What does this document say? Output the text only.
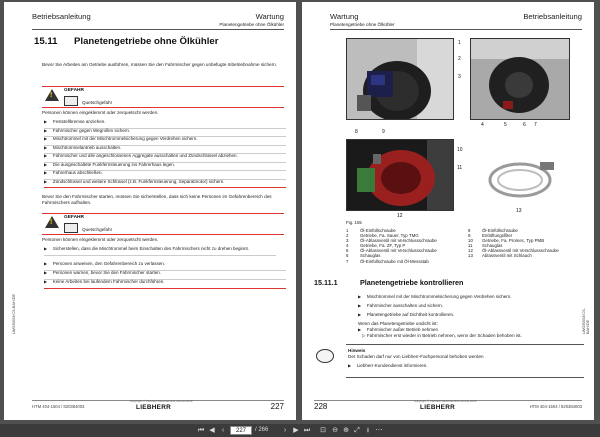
Betriebsanleitung	Wartung
Planetengetriebe ohne Ölkühler
15.11 Planetengetriebe ohne Ölkühler
Bevor Sie Arbeiten am Getriebe ausführen, müssen Sie den Fahrmischer gegen unbefugte Inbetriebnahme sichern.
!
GEFAHR
Quetschgefahr
Personen können eingeklemmt oder zerquetscht werden.
▶ Feststellbremse anziehen.
▶ Fahrmischer gegen Wegrollen sichern.
▶ Mischtrommel mit der Mischtrommelsicherung gegen Verdrehen sichern.
▶ Mischtrommelantrieb ausschalten.
▶ Fahrmischer und alle angeschlossenen Aggregate ausschalten und Zündschlüssel abziehen.
▶ Die ausgeschaltete Funkfernsteuerung ins Fahrerhaus legen.
▶ Fahrerhaus abschließen.
▶ Zündschlüssel und weitere Schlüssel (z.B. Funkfernsteuerung, Separatmotor) sichern.
Bevor Sie den Fahrmischer starten, müssen Sie sicherstellen, dass sich keine Personen im Gefahrenbereich des Fahrmischers aufhalten.
!
GEFAHR
Quetschgefahr
Personen können eingeklemmt oder zerquetscht werden.
▶ Sicherstellen, dass die Mischtrommel beim Einschalten des Fahrmischers nicht zu drehen beginnt.
▶ Personen anweisen, den Gefahrenbereich zu verlassen.
▶ Personen warnen, bevor Sie den Fahrmischer starten.
▶ Keine Arbeiten bei laufendem Fahrmischer durchführen.
LWG/B003/CS-BAH/DE
HTM 404-1504 / 820384003
copyright © Liebherr-Mischtechnik GmbH 2018
LIEBHERR	227
Wartung	Betriebsanleitung
Planetengetriebe ohne Ölkühler
1
2
3
4	5	6 7
8	9
10
11
12
13
Fig. 155
1	Öl-Einfüllschraube
2	Getriebe, Fa. Sauer, Typ TMG
3	Öl-Ablassventil mit Verschlussschraube
4	Getriebe, Fa. ZF, Typ P
5	Öl-Ablassventil mit Verschlussschraube
6	Schauglas
7	Öl-Einfüllschraube mit Öl-Messstab
8	Öl-Einfüllschraube
9	Entlüftungsfilter
10 Getriebe, Fa. Promec, Typ PMB
11 Schauglas
12 Öl-Ablassventil mit Verschlussschraube
13 Ablassventil mit Schlauch
15.11.1	Planetengetriebe kontrollieren
▶ Mischtrommel mit der Mischtrommelsicherung gegen Verdrehen sichern.
▶ Fahrmischer ausschalten und sichern.
▶ Planetengetriebe auf Dichtheit kontrollieren.
Wenn das Planetengetriebe undicht ist:
▶ Fahrmischer außer Betrieb nehmen
▷ Fahrmischer erst wieder in Betrieb nehmen, wenn der Schaden behoben ist.
Hinweis
Der Schaden darf nur von Liebherr-Fachpersonal behoben werden
▶ Liebherr-Kundendienst informieren.
LWG/B003/CS-BAH/DE
228
copyright © Liebherr-Mischtechnik GmbH 2018
LIEBHERR	HTM 404-1504 / 820384003
⏮ ◀	‹	227	/ 266	›	▶ ⏭ ⊡ ⊖ ⊕ ⤢ ⭳ ⋯
